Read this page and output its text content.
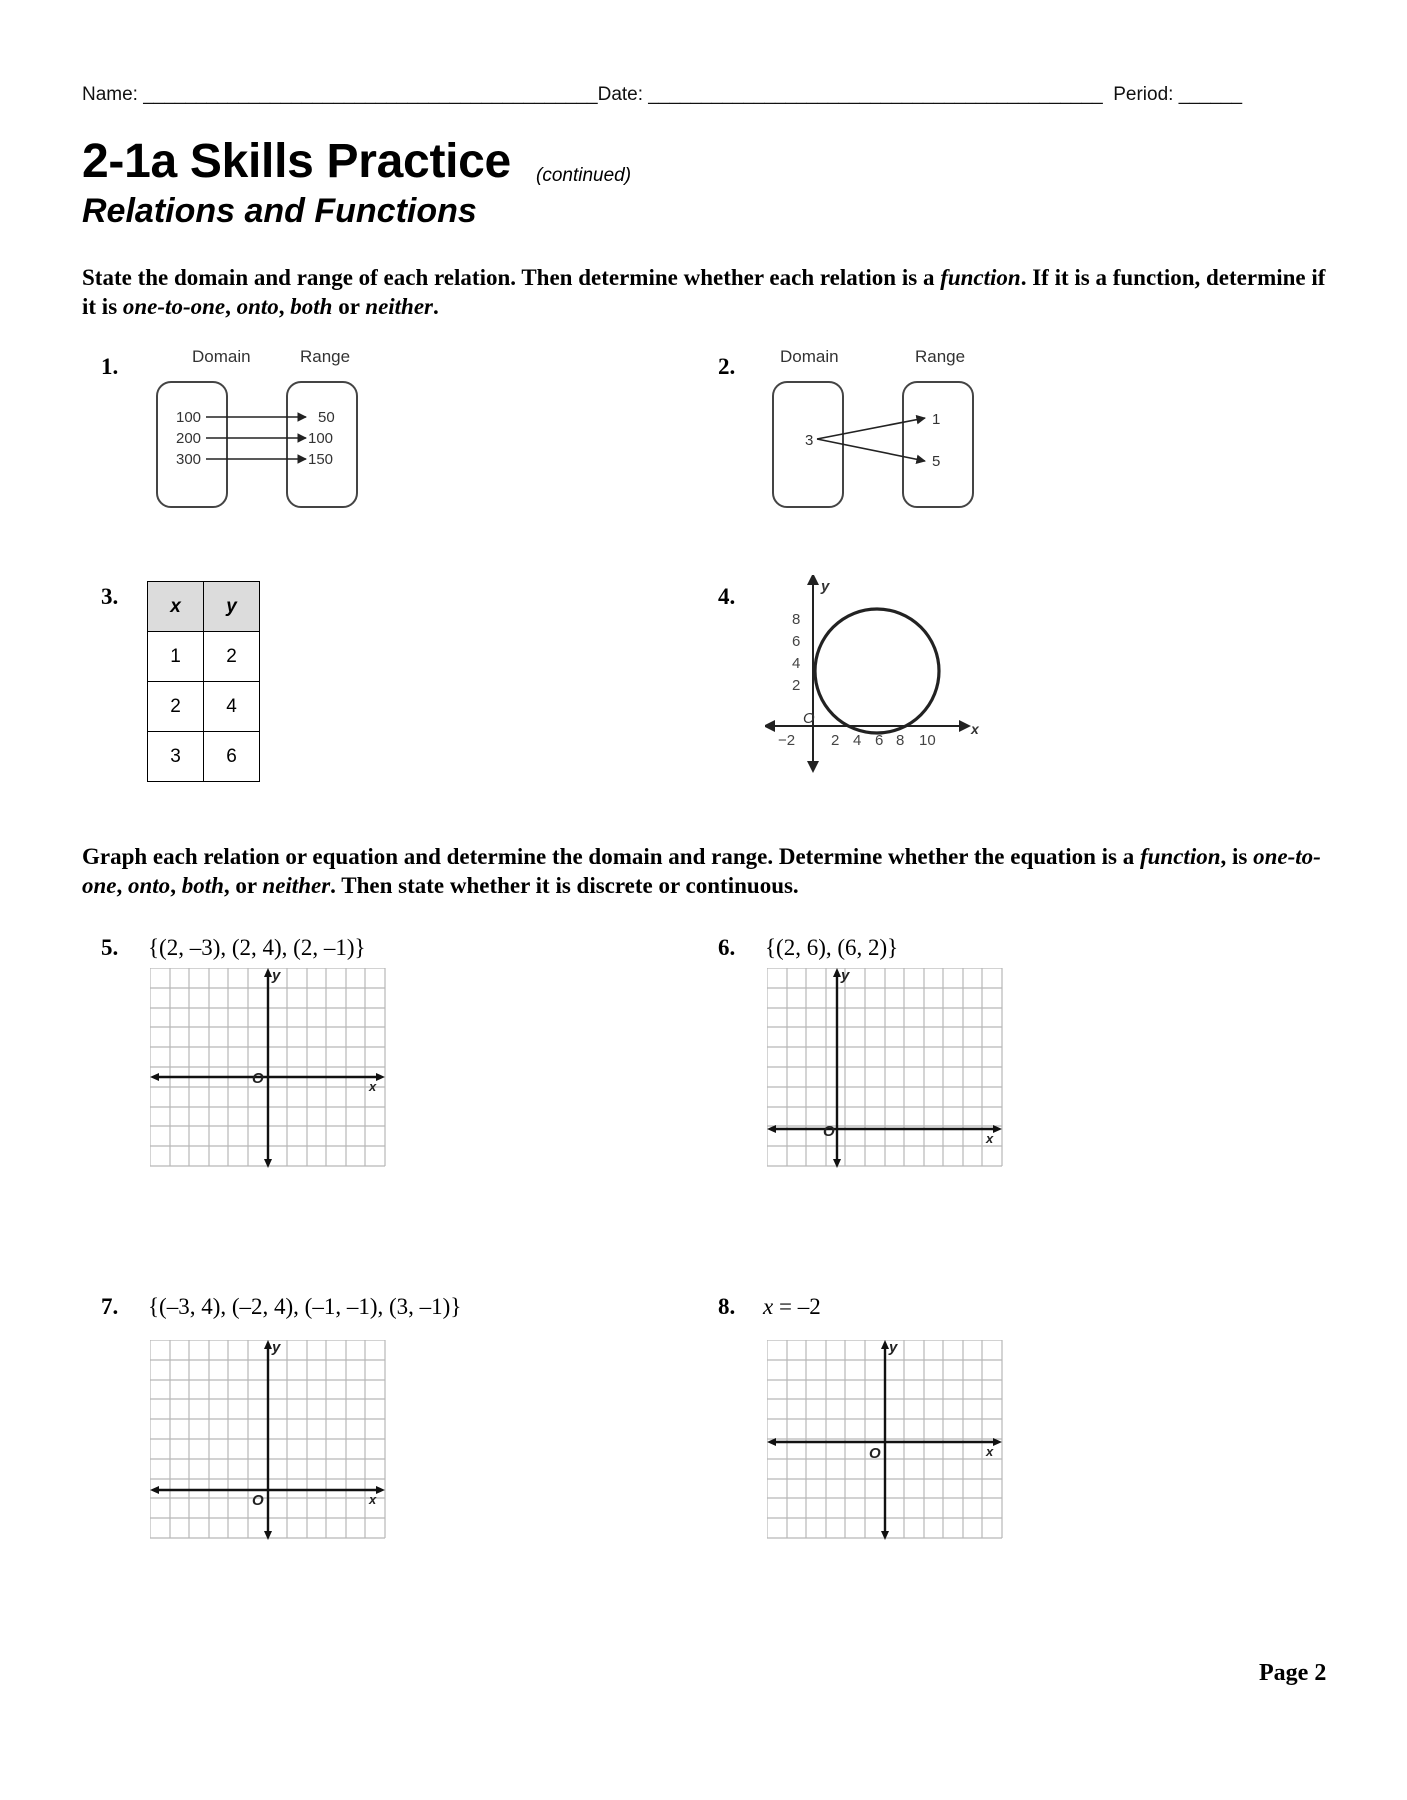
Name: ___________________________________________Date: ___________________________________________  Period: ______
2-1a Skills Practice (continued)
Relations and Functions
State the domain and range of each relation. Then determine whether each relation is a function. If it is a function, determine if it is one-to-one, onto, both or neither.
1.	Domain	Range
100
200
300
50
100
150
2.	Domain	Range
3
1
5
3.	x	y
1	2
2	4
3	6
4.	y
x
O
8
6
4
2
−2 2 4 6 8 10
Graph each relation or equation and determine the domain and range. Determine whether the equation is a function, is one-to-one, onto, both, or neither. Then state whether it is discrete or continuous.
5. {(2, –3), (2, 4), (2, –1)}
y
x
O
6. {(2, 6), (6, 2)}
y
x
O
7. {(–3, 4), (–2, 4), (–1, –1), (3, –1)}
y
x
O
8. x = –2
y
x
O
Page 2
